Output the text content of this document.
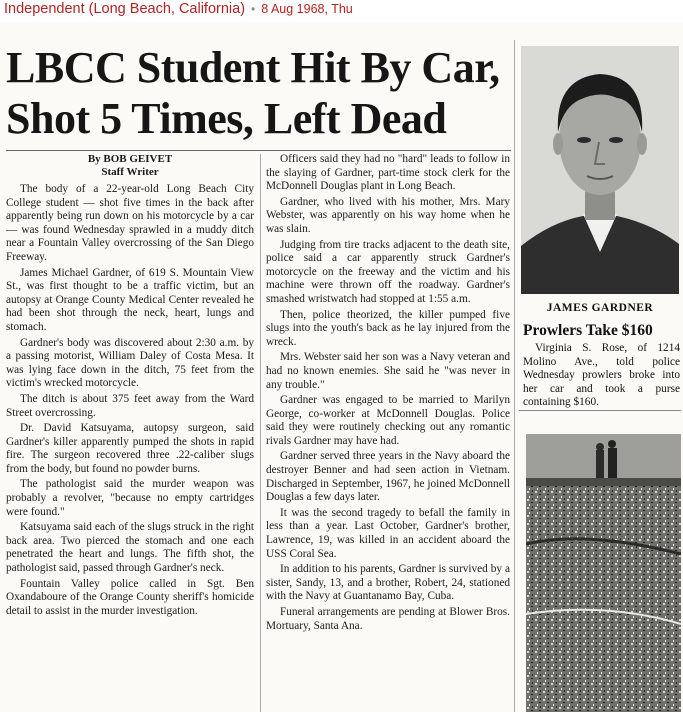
Independent (Long Beach, California) • 8 Aug 1968, Thu
LBCC Student Hit By Car,
Shot 5 Times, Left Dead
By BOB GEIVET
Staff Writer

The body of a 22-year-old Long Beach City College student — shot five times in the back after apparently being run down on his motorcycle by a car — was found Wednesday sprawled in a muddy ditch near a Fountain Valley overcrossing of the San Diego Freeway.

James Michael Gardner, of 619 S. Mountain View St., was first thought to be a traffic victim, but an autopsy at Orange County Medical Center revealed he had been shot through the neck, heart, lungs and stomach.

Gardner's body was discovered about 2:30 a.m. by a passing motorist, William Daley of Costa Mesa. It was lying face down in the ditch, 75 feet from the victim's wrecked motorcycle.

The ditch is about 375 feet away from the Ward Street overcrossing.

Dr. David Katsuyama, autopsy surgeon, said Gardner's killer apparently pumped the shots in rapid fire. The surgeon recovered three .22-caliber slugs from the body, but found no powder burns.

The pathologist said the murder weapon was probably a revolver, "because no empty cartridges were found."

Katsuyama said each of the slugs struck in the right back area. Two pierced the stomach and one each penetrated the heart and lungs. The fifth shot, the pathologist said, passed through Gardner's neck.

Fountain Valley police called in Sgt. Ben Oxandaboure of the Orange County sheriff's homicide detail to assist in the murder investigation.

Officers said they had no "hard" leads to follow in the slaying of Gardner, part-time stock clerk for the McDonnell Douglas plant in Long Beach.

Gardner, who lived with his mother, Mrs. Mary Webster, was apparently on his way home when he was slain.

Judging from tire tracks adjacent to the death site, police said a car apparently struck Gardner's motorcycle on the freeway and the victim and his machine were thrown off the roadway. Gardner's smashed wristwatch had stopped at 1:55 a.m.

Then, police theorized, the killer pumped five slugs into the youth's back as he lay injured from the wreck.

Mrs. Webster said her son was a Navy veteran and had no known enemies. She said he "was never in any trouble."

Gardner was engaged to be married to Marilyn George, co-worker at McDonnell Douglas. Police said they were routinely checking out any romantic rivals Gardner may have had.

Gardner served three years in the Navy aboard the destroyer Benner and had seen action in Vietnam. Discharged in September, 1967, he joined McDonnell Douglas a few days later.

It was the second tragedy to befall the family in less than a year. Last October, Gardner's brother, Lawrence, 19, was killed in an accident aboard the USS Coral Sea.

In addition to his parents, Gardner is survived by a sister, Sandy, 13, and a brother, Robert, 24, stationed with the Navy at Guantanamo Bay, Cuba.

Funeral arrangements are pending at Blower Bros. Mortuary, Santa Ana.

JAMES GARDNER
Prowlers Take $160

Virginia S. Rose, of 1214 Molino Ave., told police Wednesday prowlers broke into her car and took a purse containing $160.
